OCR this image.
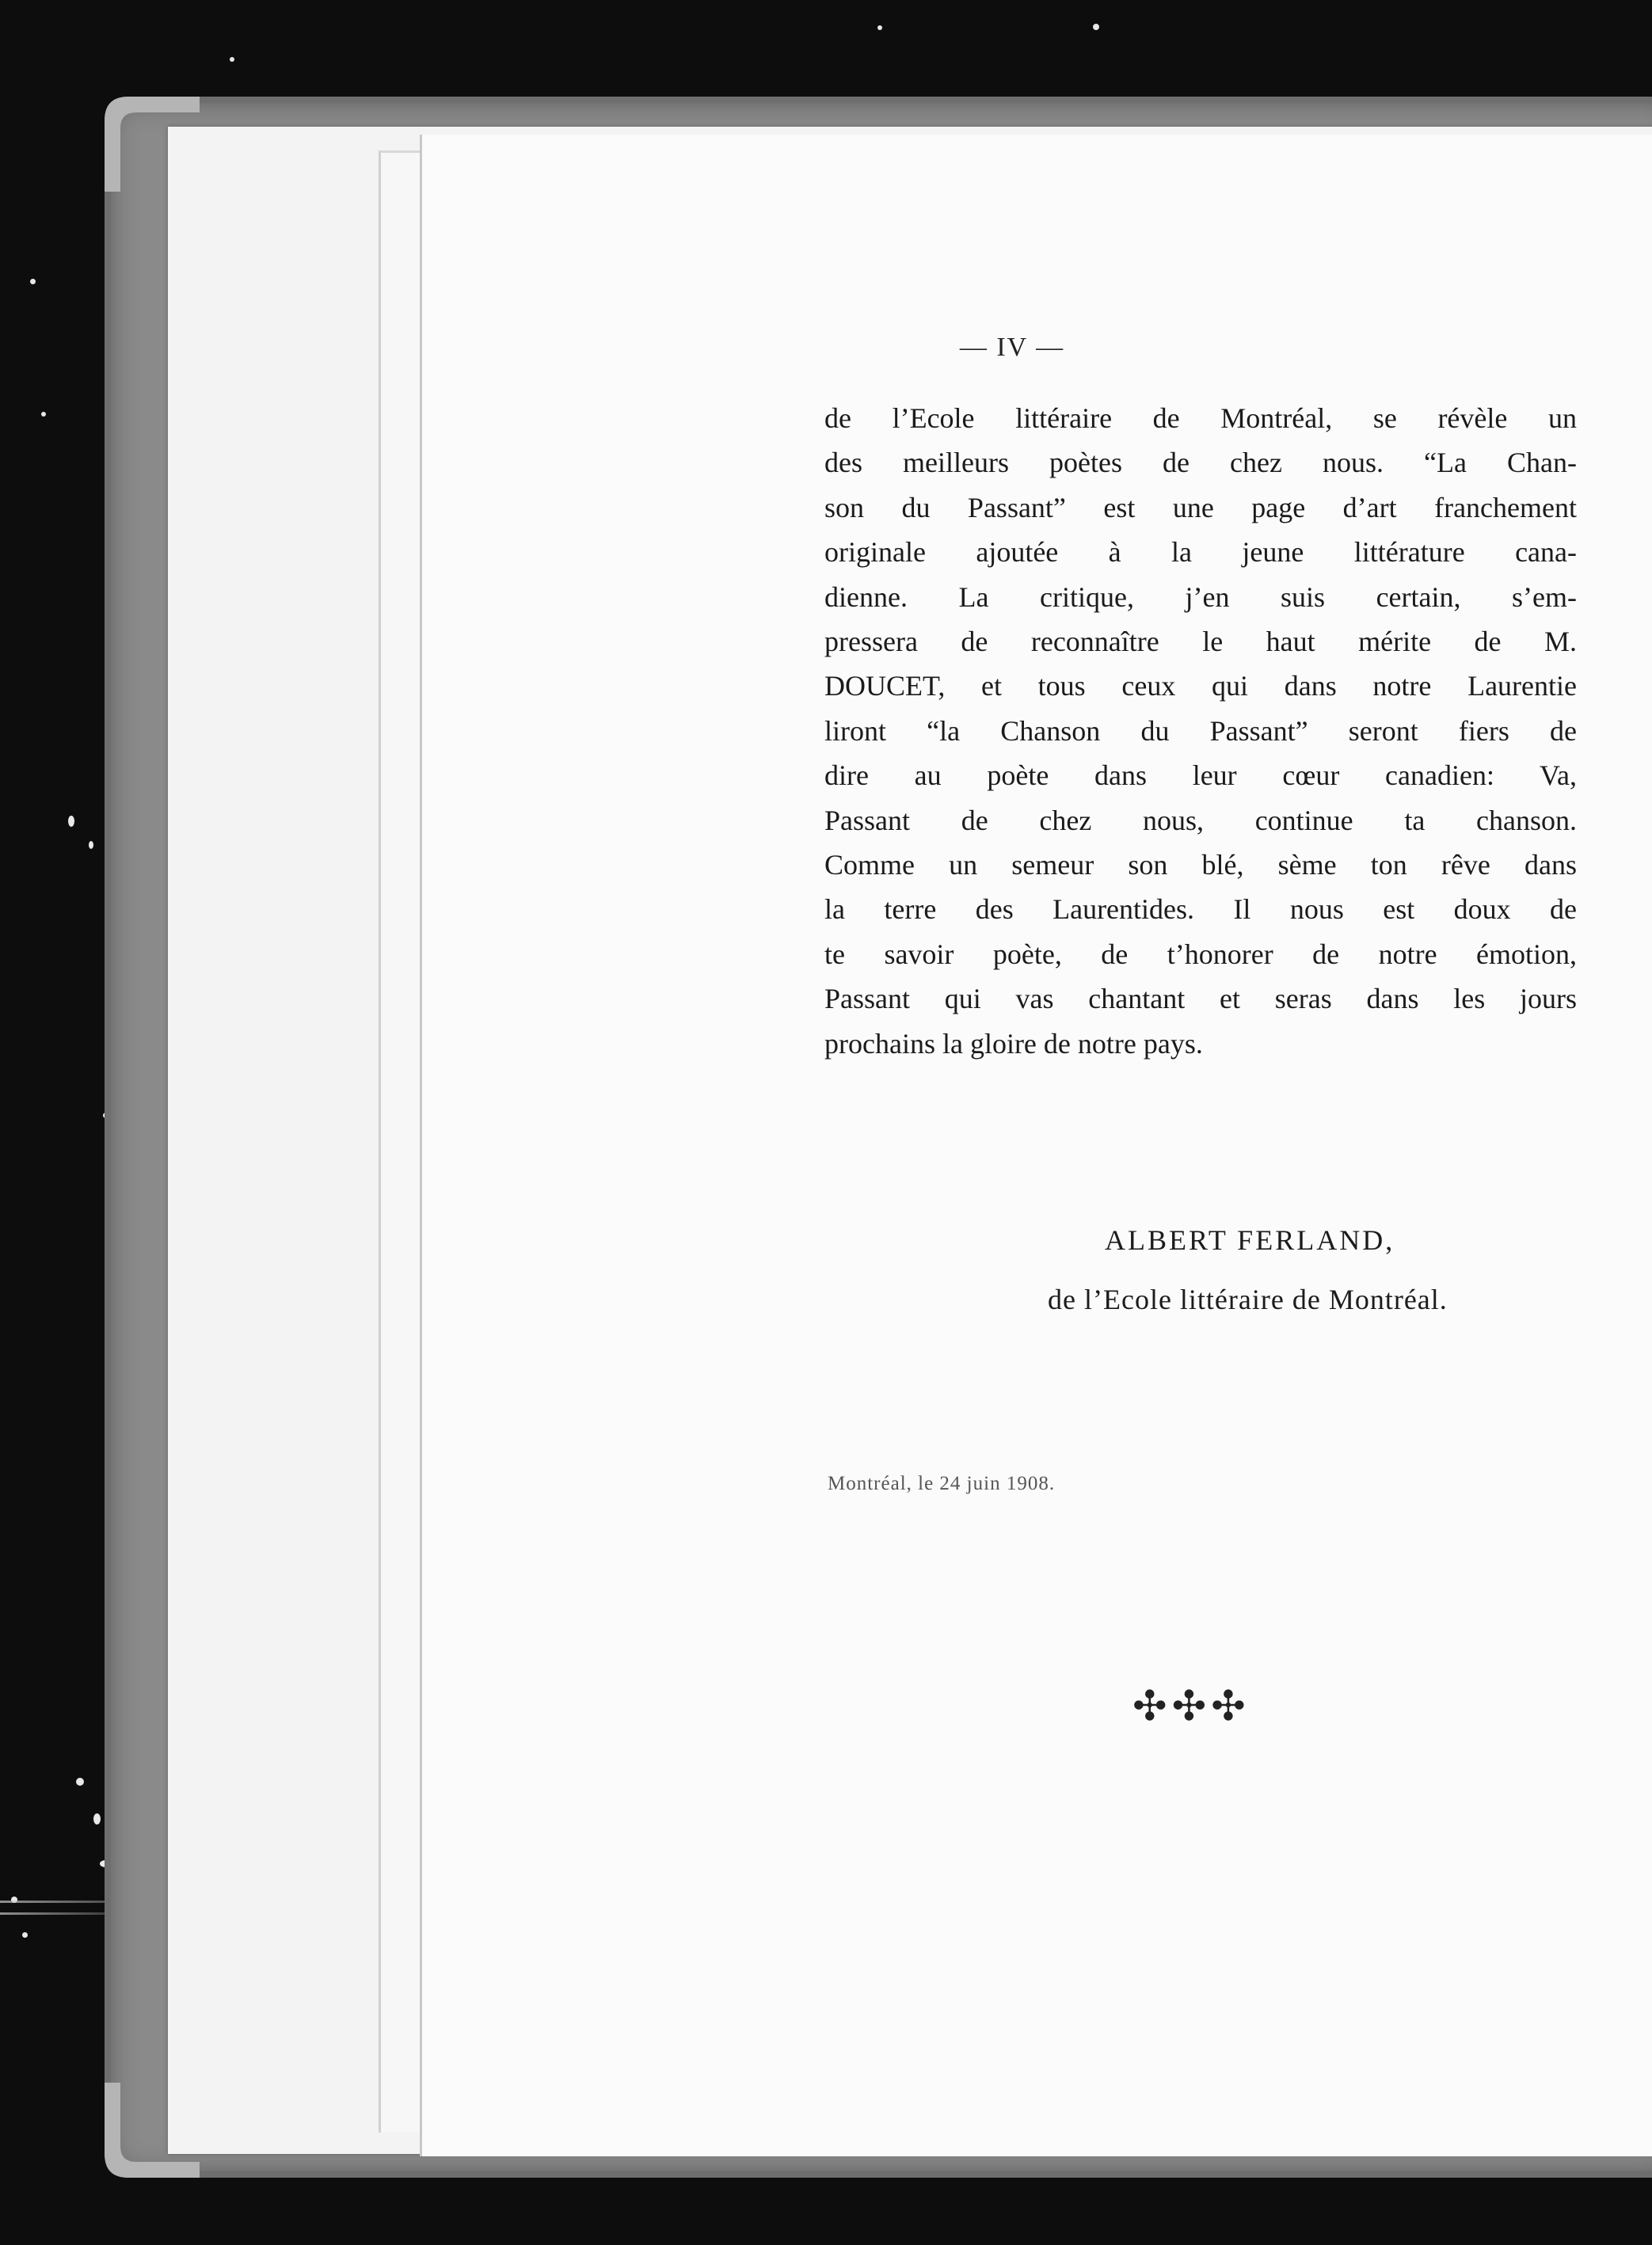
— IV —
de l’Ecole littéraire de Montréal, se révèle un
des meilleurs poètes de chez nous. “La Chan-
son du Passant” est une page d’art franchement
originale ajoutée à la jeune littérature cana-
dienne. La critique, j’en suis certain, s’em-
pressera de reconnaître le haut mérite de M.
DOUCET, et tous ceux qui dans notre Laurentie
liront “la Chanson du Passant” seront fiers de
dire au poète dans leur cœur canadien: Va,
Passant de chez nous, continue ta chanson.
Comme un semeur son blé, sème ton rêve dans
la terre des Laurentides. Il nous est doux de
te savoir poète, de t’honorer de notre émotion,
Passant qui vas chantant et seras dans les jours
prochains la gloire de notre pays.
ALBERT FERLAND,
de l’Ecole littéraire de Montréal.
Montréal, le 24 juin 1908.
✣✣✣
